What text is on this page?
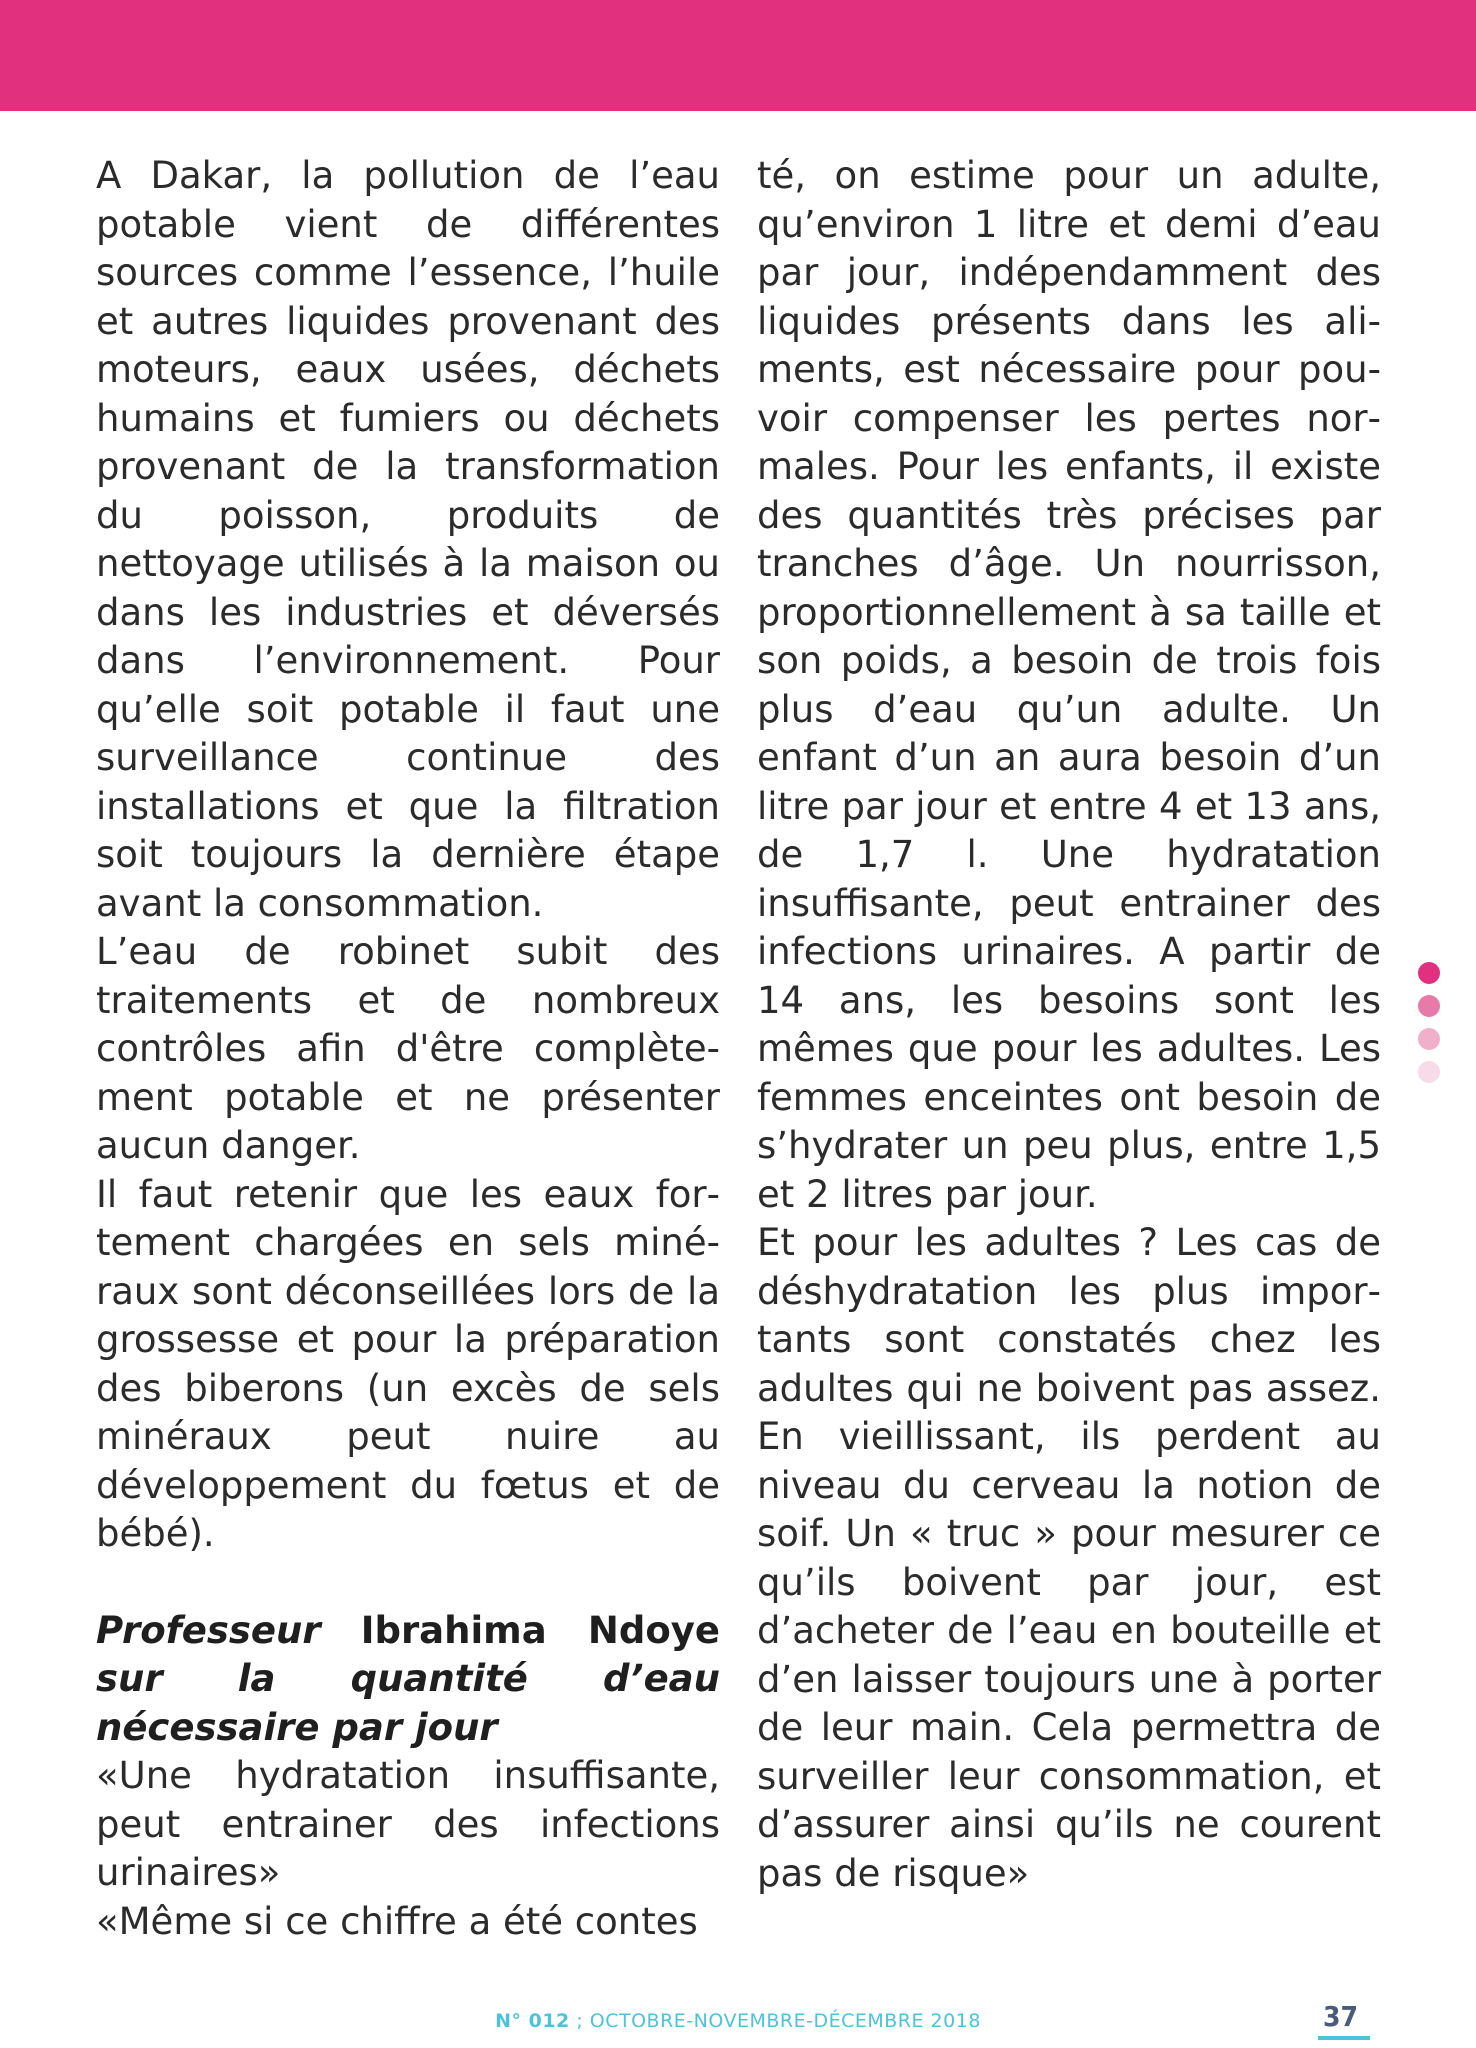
A Dakar, la pollution de l’eau potable vient de différentes sources comme l’essence, l’huile et autres liquides provenant des moteurs, eaux usées, déchets humains et fumiers ou déchets provenant de la transformation du poisson, produits de nettoyage utilisés à la maison ou dans les industries et déversés dans l’environnement. Pour qu’elle soit potable il faut une surveillance continue des installations et que la filtration soit toujours la dernière étape avant la consommation.

L’eau de robinet subit des traitements et de nombreux contrôles afin d'être complètement potable et ne présenter aucun danger.

Il faut retenir que les eaux fortement chargées en sels minéraux sont déconseillées lors de la grossesse et pour la préparation des biberons (un excès de sels minéraux peut nuire au développement du fœtus et de bébé).

Professeur Ibrahima Ndoye sur la quantité d’eau nécessaire par jour

«Une hydratation insuffisante, peut entrainer des infections urinaires»

«Même si ce chiffre a été contes

té, on estime pour un adulte, qu’environ 1 litre et demi d’eau par jour, indépendamment des liquides présents dans les aliments, est nécessaire pour pouvoir compenser les pertes normales. Pour les enfants, il existe des quantités très précises par tranches d’âge. Un nourrisson, proportionnellement à sa taille et son poids, a besoin de trois fois plus d’eau qu’un adulte. Un enfant d’un an aura besoin d’un litre par jour et entre 4 et 13 ans, de 1,7 l. Une hydratation insuffisante, peut entrainer des infections urinaires. A partir de 14 ans, les besoins sont les mêmes que pour les adultes. Les femmes enceintes ont besoin de s’hydrater un peu plus, entre 1,5 et 2 litres par jour.

Et pour les adultes ? Les cas de déshydratation les plus importants sont constatés chez les adultes qui ne boivent pas assez. En vieillissant, ils perdent au niveau du cerveau la notion de soif. Un « truc » pour mesurer ce qu’ils boivent par jour, est d’acheter de l’eau en bouteille et d’en laisser toujours une à porter de leur main. Cela permettra de surveiller leur consommation, et d’assurer ainsi qu’ils ne courent pas de risque»

N° 012 ; OCTOBRE-NOVEMBRE-DÉCEMBRE 2018	37
